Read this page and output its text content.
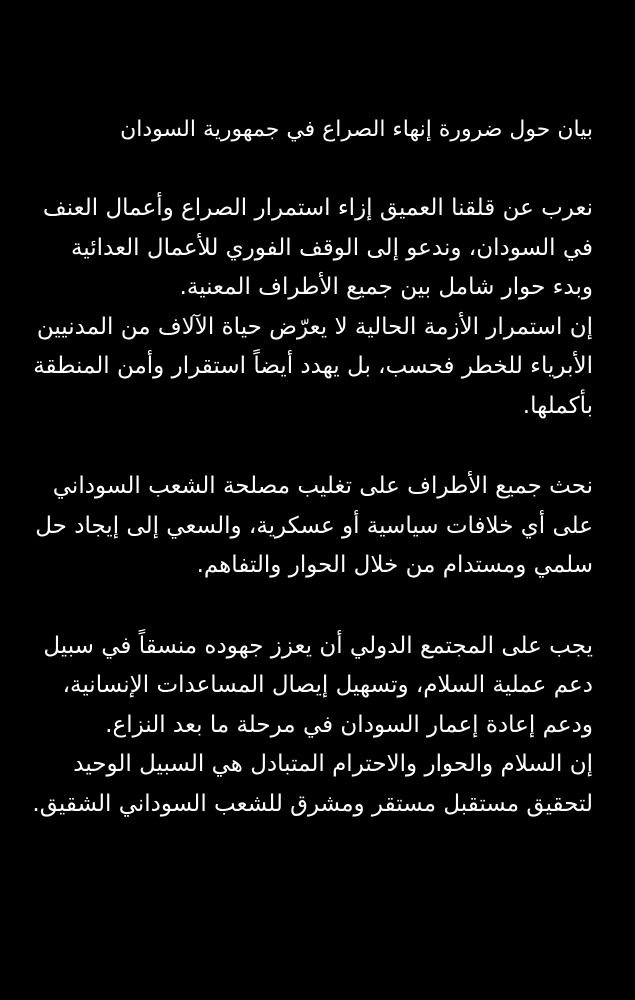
بيان حول ضرورة إنهاء الصراع في جمهورية السودان

نعرب عن قلقنا العميق إزاء استمرار الصراع وأعمال العنف في السودان، وندعو إلى الوقف الفوري للأعمال العدائية وبدء حوار شامل بين جميع الأطراف المعنية.

إن استمرار الأزمة الحالية لا يعرّض حياة الآلاف من المدنيين الأبرياء للخطر فحسب، بل يهدد أيضاً استقرار وأمن المنطقة بأكملها.

نحث جميع الأطراف على تغليب مصلحة الشعب السوداني على أي خلافات سياسية أو عسكرية، والسعي إلى إيجاد حل سلمي ومستدام من خلال الحوار والتفاهم.

يجب على المجتمع الدولي أن يعزز جهوده منسقاً في سبيل دعم عملية السلام، وتسهيل إيصال المساعدات الإنسانية، ودعم إعادة إعمار السودان في مرحلة ما بعد النزاع.

إن السلام والحوار والاحترام المتبادل هي السبيل الوحيد لتحقيق مستقبل مستقر ومشرق للشعب السوداني الشقيق.
